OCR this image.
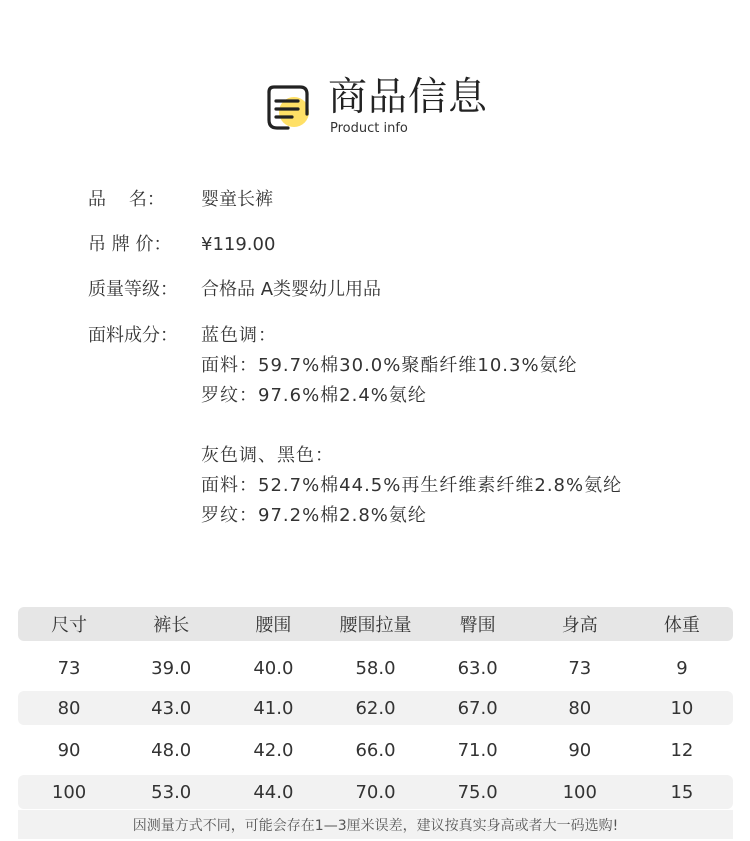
商品信息
Product info
品    名： 婴童长裤
吊 牌 价： ¥119.00
质量等级： 合格品 A类婴幼儿用品
面料成分： 蓝色调：

面料：59.7%棉30.0%聚酯纤维10.3%氨纶

罗纹：97.6%棉2.4%氨纶

灰色调、黑色：

面料：52.7%棉44.5%再生纤维素纤维2.8%氨纶

罗纹：97.2%棉2.8%氨纶

尺寸	裤长	腰围	腰围拉量	臀围	身高	体重
73	39.0	40.0	58.0	63.0	73	9
80	43.0	41.0	62.0	67.0	80	10
90	48.0	42.0	66.0	71.0	90	12
100	53.0	44.0	70.0	75.0	100	15
因测量方式不同，可能会存在1—3厘米误差，建议按真实身高或者大一码选购!
